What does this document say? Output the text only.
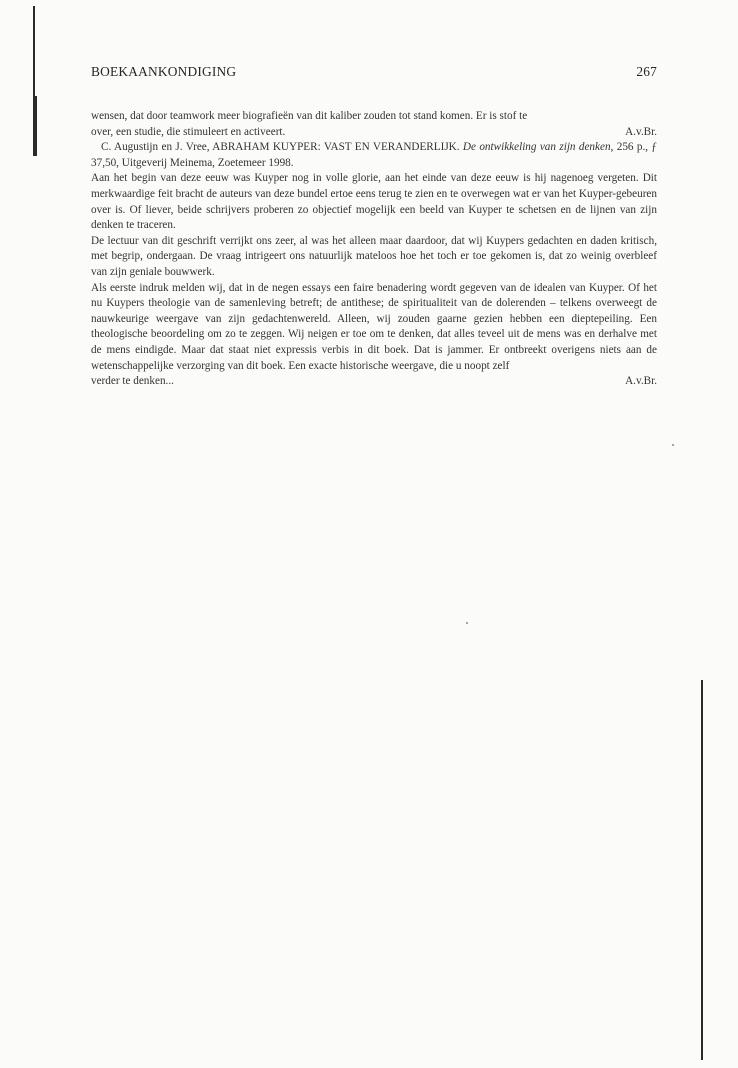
BOEKAANKONDIGING	267

wensen, dat door teamwork meer biografieën van dit kaliber zouden tot stand komen. Er is stof te

over, een studie, die stimuleert en activeert.	A.v.Br.

C. Augustijn en J. Vree, ABRAHAM KUYPER: VAST EN VERANDERLIJK. De ontwikkeling van zijn denken, 256 p., ƒ 37,50, Uitgeverij Meinema, Zoetemeer 1998.

Aan het begin van deze eeuw was Kuyper nog in volle glorie, aan het einde van deze eeuw is hij nagenoeg vergeten. Dit merkwaardige feit bracht de auteurs van deze bundel ertoe eens terug te zien en te overwegen wat er van het Kuyper-gebeuren over is. Of liever, beide schrijvers proberen zo objectief mogelijk een beeld van Kuyper te schetsen en de lijnen van zijn denken te traceren.

De lectuur van dit geschrift verrijkt ons zeer, al was het alleen maar daardoor, dat wij Kuypers gedachten en daden kritisch, met begrip, ondergaan. De vraag intrigeert ons natuurlijk mateloos hoe het toch er toe gekomen is, dat zo weinig overbleef van zijn geniale bouwwerk.

Als eerste indruk melden wij, dat in de negen essays een faire benadering wordt gegeven van de idealen van Kuyper. Of het nu Kuypers theologie van de samenleving betreft; de antithese; de spiritualiteit van de dolerenden – telkens overweegt de nauwkeurige weergave van zijn gedachtenwereld. Alleen, wij zouden gaarne gezien hebben een dieptepeiling. Een theologische beoordeling om zo te zeggen. Wij neigen er toe om te denken, dat alles teveel uit de mens was en derhalve met de mens eindigde. Maar dat staat niet expressis verbis in dit boek. Dat is jammer. Er ontbreekt overigens niets aan de wetenschappelijke verzorging van dit boek. Een exacte historische weergave, die u noopt zelf

verder te denken...	A.v.Br.
